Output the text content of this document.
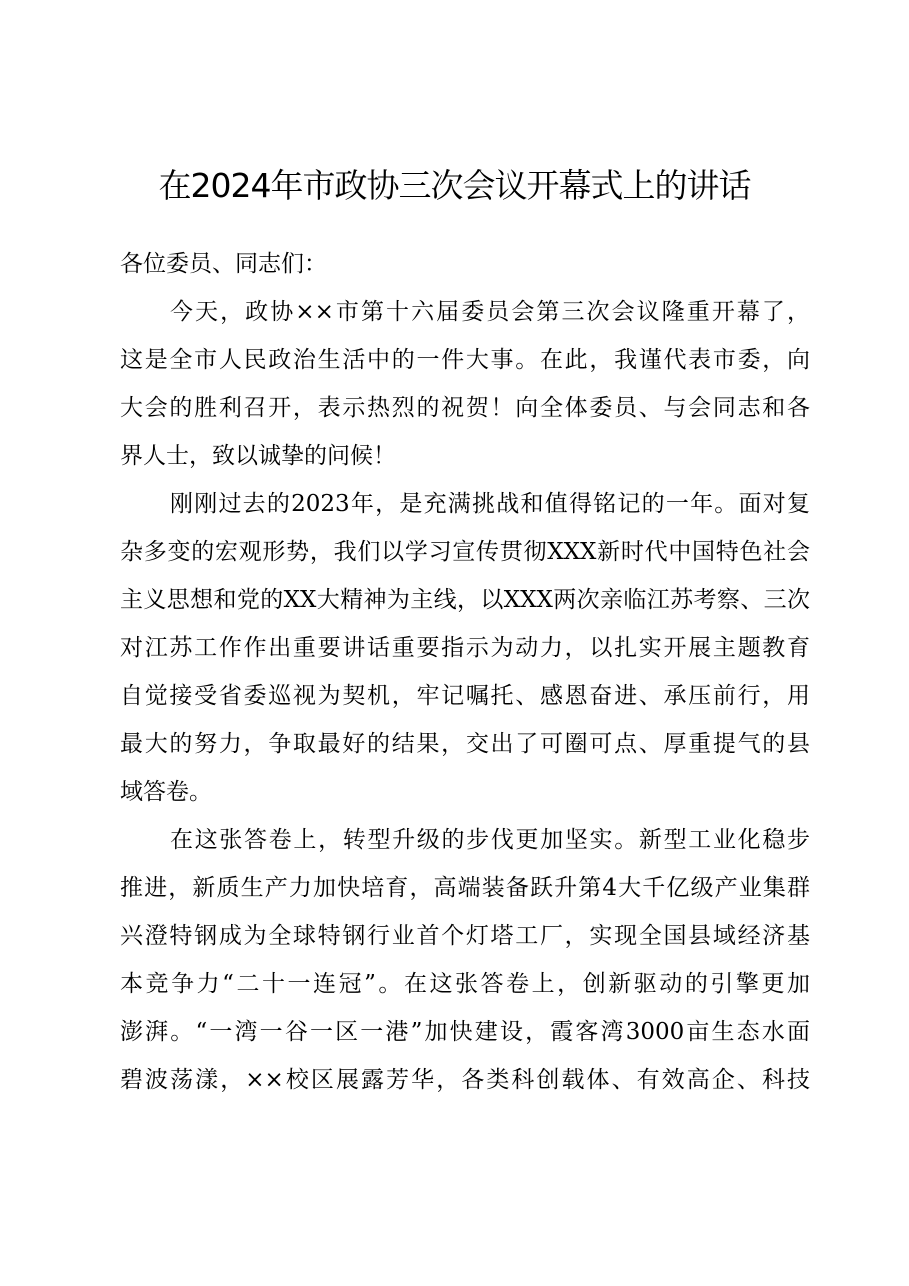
在2024年市政协三次会议开幕式上的讲话

各位委员、同志们：

今天，政协××市第十六届委员会第三次会议隆重开幕了，
这是全市人民政治生活中的一件大事。在此，我谨代表市委，向
大会的胜利召开，表示热烈的祝贺！向全体委员、与会同志和各
界人士，致以诚挚的问候！

刚刚过去的2023年，是充满挑战和值得铭记的一年。面对复
杂多变的宏观形势，我们以学习宣传贯彻XXX新时代中国特色社会
主义思想和党的XX大精神为主线，以XXX两次亲临江苏考察、三次
对江苏工作作出重要讲话重要指示为动力，以扎实开展主题教育
自觉接受省委巡视为契机，牢记嘱托、感恩奋进、承压前行，用
最大的努力，争取最好的结果，交出了可圈可点、厚重提气的县
域答卷。

在这张答卷上，转型升级的步伐更加坚实。新型工业化稳步
推进，新质生产力加快培育，高端装备跃升第4大千亿级产业集群
兴澄特钢成为全球特钢行业首个灯塔工厂，实现全国县域经济基
本竞争力“二十一连冠”。在这张答卷上，创新驱动的引擎更加
澎湃。“一湾一谷一区一港”加快建设，霞客湾3000亩生态水面
碧波荡漾，××校区展露芳华，各类科创载体、有效高企、科技
